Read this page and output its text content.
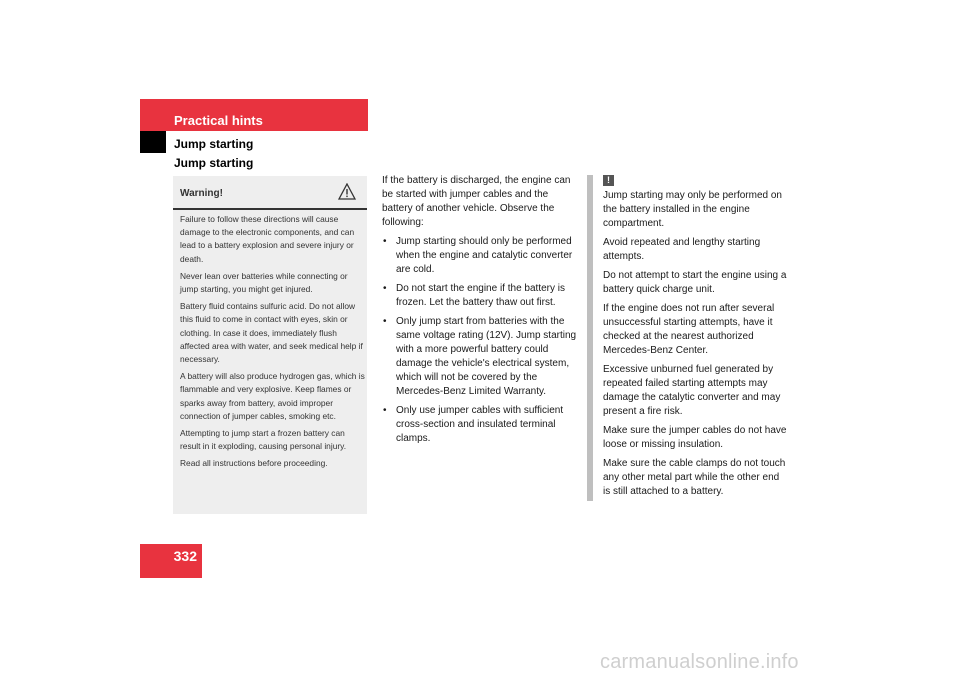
Practical hints
Jump starting
Jump starting
Warning!

Failure to follow these directions will cause damage to the electronic components, and can lead to a battery explosion and severe injury or death.

Never lean over batteries while connecting or jump starting, you might get injured.

Battery fluid contains sulfuric acid. Do not allow this fluid to come in contact with eyes, skin or clothing. In case it does, immediately flush affected area with water, and seek medical help if necessary.

A battery will also produce hydrogen gas, which is flammable and very explosive. Keep flames or sparks away from battery, avoid improper connection of jumper cables, smoking etc.

Attempting to jump start a frozen battery can result in it exploding, causing personal injury.

Read all instructions before proceeding.

If the battery is discharged, the engine can be started with jumper cables and the battery of another vehicle. Observe the following:

• Jump starting should only be performed when the engine and catalytic converter are cold.
• Do not start the engine if the battery is frozen. Let the battery thaw out first.
• Only jump start from batteries with the same voltage rating (12V). Jump starting with a more powerful battery could damage the vehicle's electrical system, which will not be covered by the Mercedes-Benz Limited Warranty.
• Only use jumper cables with sufficient cross-section and insulated terminal clamps.
!

Jump starting may only be performed on the battery installed in the engine compartment.

Avoid repeated and lengthy starting attempts.

Do not attempt to start the engine using a battery quick charge unit.

If the engine does not run after several unsuccessful starting attempts, have it checked at the nearest authorized Mercedes-Benz Center.

Excessive unburned fuel generated by repeated failed starting attempts may damage the catalytic converter and may present a fire risk.

Make sure the jumper cables do not have loose or missing insulation.

Make sure the cable clamps do not touch any other metal part while the other end is still attached to a battery.

332
carmanualsonline.info
